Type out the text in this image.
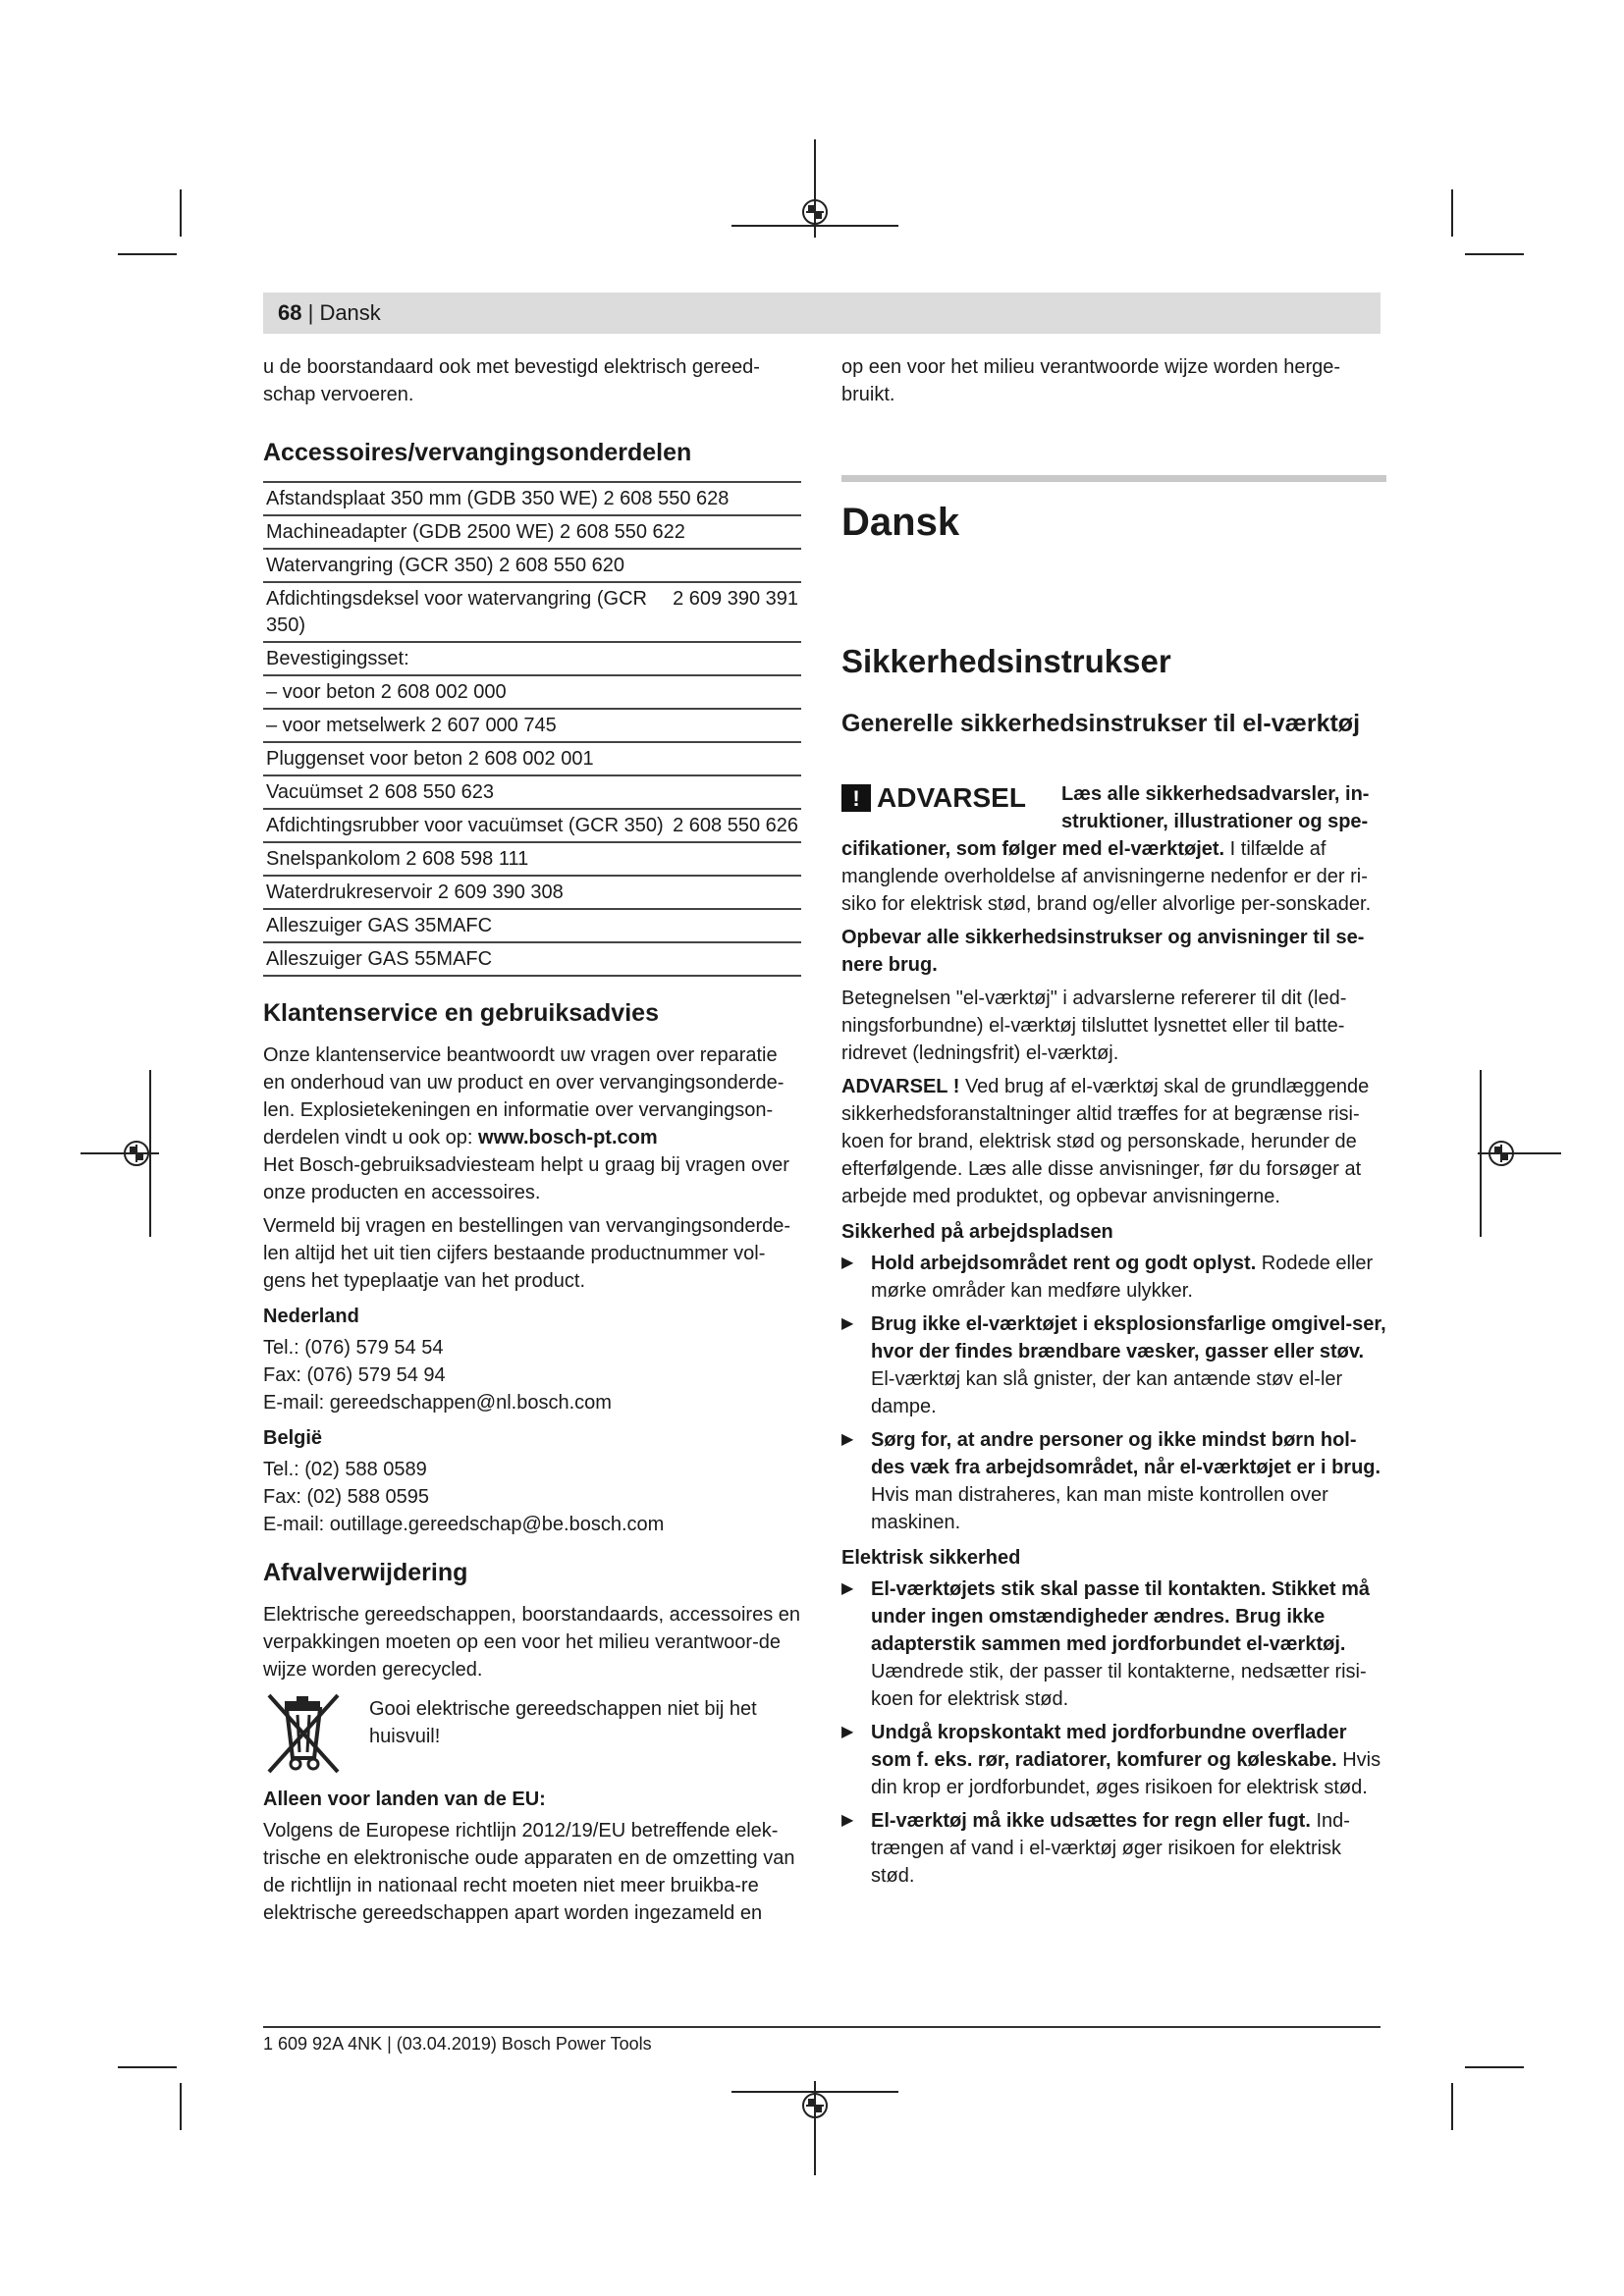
68 | Dansk

u de boorstandaard ook met bevestigd elektrisch gereed-schap vervoeren.

Accessoires/vervangingsonderdelen
Afstandsplaat 350 mm (GDB 350 WE) 2 608 550 628	
Machineadapter (GDB 2500 WE) 2 608 550 622	
Watervangring (GCR 350) 2 608 550 620	
Afdichtingsdeksel voor watervangring (GCR 350)	2 609 390 391
Bevestigingsset:	
– voor beton 2 608 002 000	
– voor metselwerk 2 607 000 745	
Pluggenset voor beton 2 608 002 001	
Vacuümset 2 608 550 623	
Afdichtingsrubber voor vacuümset (GCR 350)	2 608 550 626
Snelspankolom 2 608 598 111	
Waterdrukreservoir 2 609 390 308	
Alleszuiger GAS 35MAFC	
Alleszuiger GAS 55MAFC	
Klantenservice en gebruiksadvies

Onze klantenservice beantwoordt uw vragen over reparatie en onderhoud van uw product en over vervangingsonderde-len. Explosietekeningen en informatie over vervangingson-derdelen vindt u ook op: www.bosch-pt.com
Het Bosch-gebruiksadviesteam helpt u graag bij vragen over onze producten en accessoires.

Vermeld bij vragen en bestellingen van vervangingsonderde-len altijd het uit tien cijfers bestaande productnummer vol-gens het typeplaatje van het product.

Nederland
Tel.: (076) 579 54 54
Fax: (076) 579 54 94
E-mail: gereedschappen@nl.bosch.com
België
Tel.: (02) 588 0589
Fax: (02) 588 0595
E-mail: outillage.gereedschap@be.bosch.com
Afvalverwijdering

Elektrische gereedschappen, boorstandaards, accessoires en verpakkingen moeten op een voor het milieu verantwoor-de wijze worden gerecycled.

Gooi elektrische gereedschappen niet bij het huisvuil!
Alleen voor landen van de EU:

Volgens de Europese richtlijn 2012/19/EU betreffende elek-trische en elektronische oude apparaten en de omzetting van de richtlijn in nationaal recht moeten niet meer bruikba-re elektrische gereedschappen apart worden ingezameld en

op een voor het milieu verantwoorde wijze worden herge-bruikt.

Dansk
Sikkerhedsinstrukser
Generelle sikkerhedsinstrukser til el-værktøj
! ADVARSEL	Læs alle sikkerhedsadvarsler, in-struktioner, illustrationer og spe-cifikationer, som følger med el-værktøjet. I tilfælde af manglende overholdelse af anvisningerne nedenfor er der ri-siko for elektrisk stød, brand og/eller alvorlige per-sonskader.

Opbevar alle sikkerhedsinstrukser og anvisninger til se-nere brug.

Betegnelsen "el-værktøj" i advarslerne refererer til dit (led-ningsforbundne) el-værktøj tilsluttet lysnettet eller til batte-ridrevet (ledningsfrit) el-værktøj.

ADVARSEL ! Ved brug af el-værktøj skal de grundlæggende sikkerhedsforanstaltninger altid træffes for at begrænse risi-koen for brand, elektrisk stød og personskade, herunder de efterfølgende. Læs alle disse anvisninger, før du forsøger at arbejde med produktet, og opbevar anvisningerne.

Sikkerhed på arbejdspladsen
▶ Hold arbejdsområdet rent og godt oplyst. Rodede eller mørke områder kan medføre ulykker.
▶ Brug ikke el-værktøjet i eksplosionsfarlige omgivel-ser, hvor der findes brændbare væsker, gasser eller støv. El-værktøj kan slå gnister, der kan antænde støv el-ler dampe.
▶ Sørg for, at andre personer og ikke mindst børn hol-des væk fra arbejdsområdet, når el-værktøjet er i brug. Hvis man distraheres, kan man miste kontrollen over maskinen.
Elektrisk sikkerhed
▶ El-værktøjets stik skal passe til kontakten. Stikket må under ingen omstændigheder ændres. Brug ikke adapterstik sammen med jordforbundet el-værktøj. Uændrede stik, der passer til kontakterne, nedsætter risi-koen for elektrisk stød.
▶ Undgå kropskontakt med jordforbundne overflader som f. eks. rør, radiatorer, komfurer og køleskabe. Hvis din krop er jordforbundet, øges risikoen for elektrisk stød.
▶ El-værktøj må ikke udsættes for regn eller fugt. Ind-trængen af vand i el-værktøj øger risikoen for elektrisk stød.
1 609 92A 4NK | (03.04.2019) Bosch Power Tools
